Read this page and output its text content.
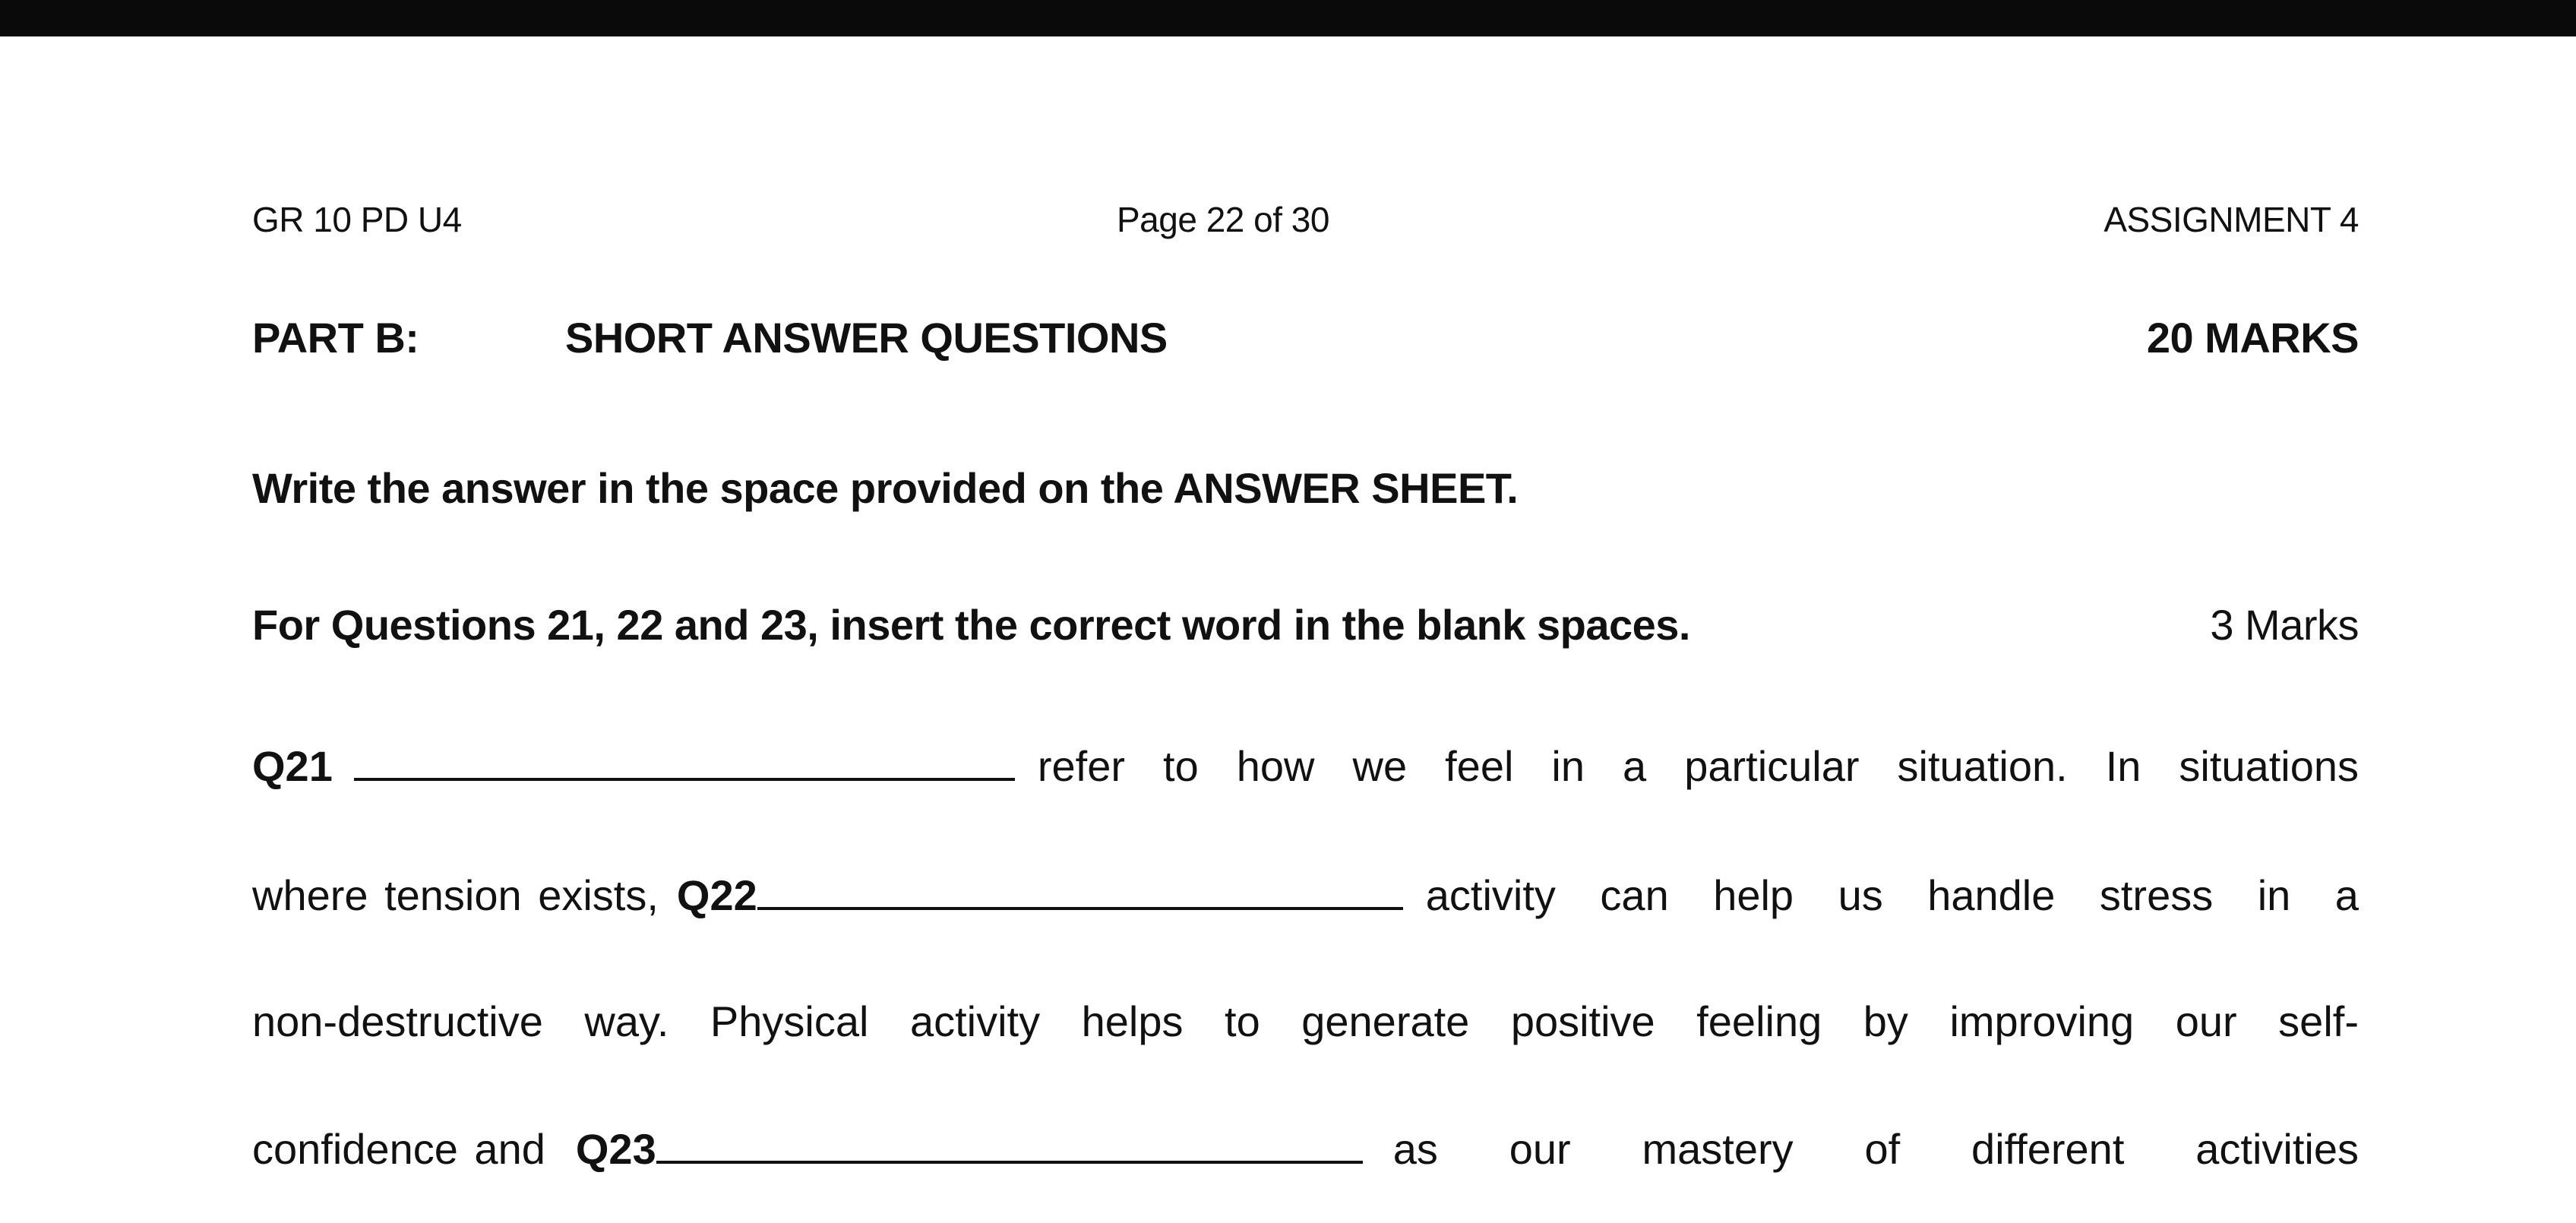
GR 10 PD U4	Page 22 of 30	ASSIGNMENT 4
PART B:	SHORT ANSWER QUESTIONS	20 MARKS
Write the answer in the space provided on the ANSWER SHEET.
For Questions 21, 22 and 23, insert the correct word in the blank spaces.	3 Marks
Q21	refer to how we feel in a particular situation. In situations
where tension exists, Q22	activity can help us handle stress in a
non-destructive way. Physical activity helps to generate positive feeling by improving our self-
confidence and Q23	as our mastery of different activities
